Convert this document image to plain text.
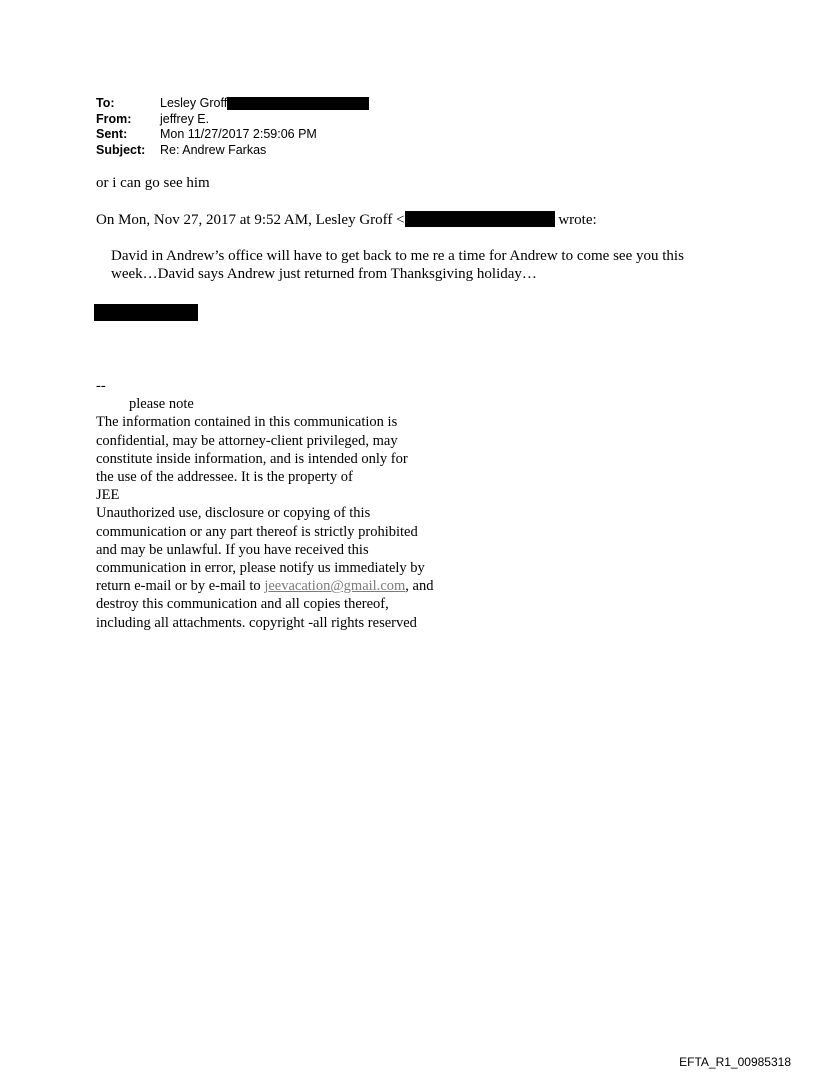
To:	Lesley Groff
From:	jeffrey E.
Sent:	Mon 11/27/2017 2:59:06 PM
Subject:	Re: Andrew Farkas
or i can go see him
On Mon, Nov 27, 2017 at 9:52 AM, Lesley Groff <	wrote:
David in Andrew’s office will have to get back to me re a time for Andrew to come see you this week…David says Andrew just returned from Thanksgiving holiday…
--
please note
The information contained in this communication is
confidential, may be attorney-client privileged, may
constitute inside information, and is intended only for
the use of the addressee. It is the property of
JEE
Unauthorized use, disclosure or copying of this
communication or any part thereof is strictly prohibited
and may be unlawful. If you have received this
communication in error, please notify us immediately by
return e-mail or by e-mail to jeevacation@gmail.com, and
destroy this communication and all copies thereof,
including all attachments. copyright -all rights reserved
EFTA_R1_00985318
